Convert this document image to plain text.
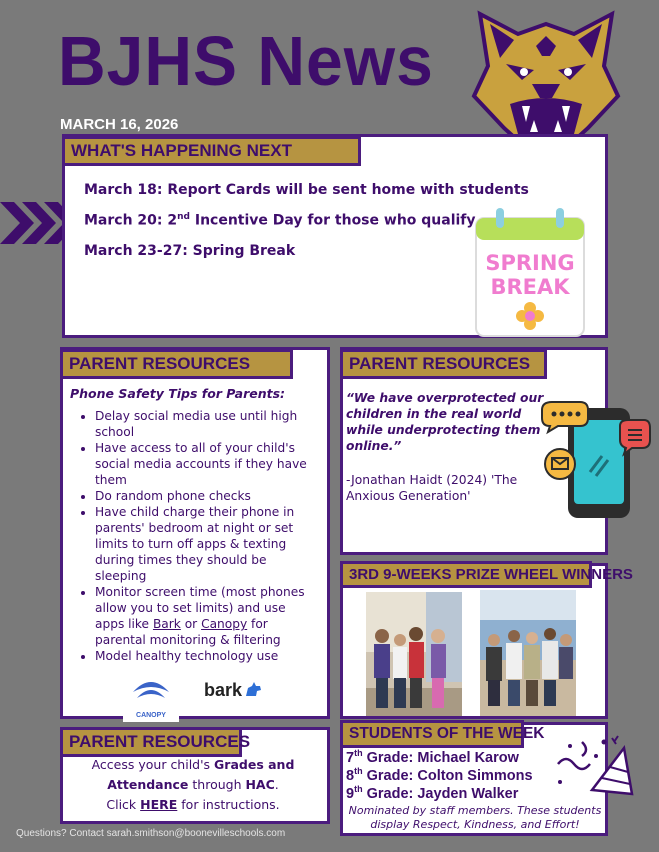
BJHS News
MARCH 16, 2026
WHAT'S HAPPENING NEXT
March 18: Report Cards will be sent home with students
March 20: 2nd Incentive Day for those who qualify
March 23-27: Spring Break	SPRING
BREAK
PARENT RESOURCES
Phone Safety Tips for Parents:
• Delay social media use until high school
• Have access to all of your child's social media accounts if they have them
• Do random phone checks
• Have child charge their phone in parents' bedroom at night or set limits to turn off apps & texting during times they should be sleeping
• Monitor screen time (most phones allow you to set limits) and use apps like Bark or Canopy for parental monitoring & filtering
• Model healthy technology use
CANOPY
bark
PARENT RESOURCES
“We have overprotected our children in the real world while underprotecting them online.”
-Jonathan Haidt (2024) 'The Anxious Generation'
3RD 9-WEEKS PRIZE WHEEL WINNERS
PARENT RESOURCES
Access your child's Grades and Attendance through HAC.
Click HERE for instructions.
STUDENTS OF THE WEEK
7th Grade: Michael Karow
8th Grade: Colton Simmons
9th Grade: Jayden Walker
Nominated by staff members. These students display Respect, Kindness, and Effort!
Questions? Contact sarah.smithson@boonevilleschools.com
